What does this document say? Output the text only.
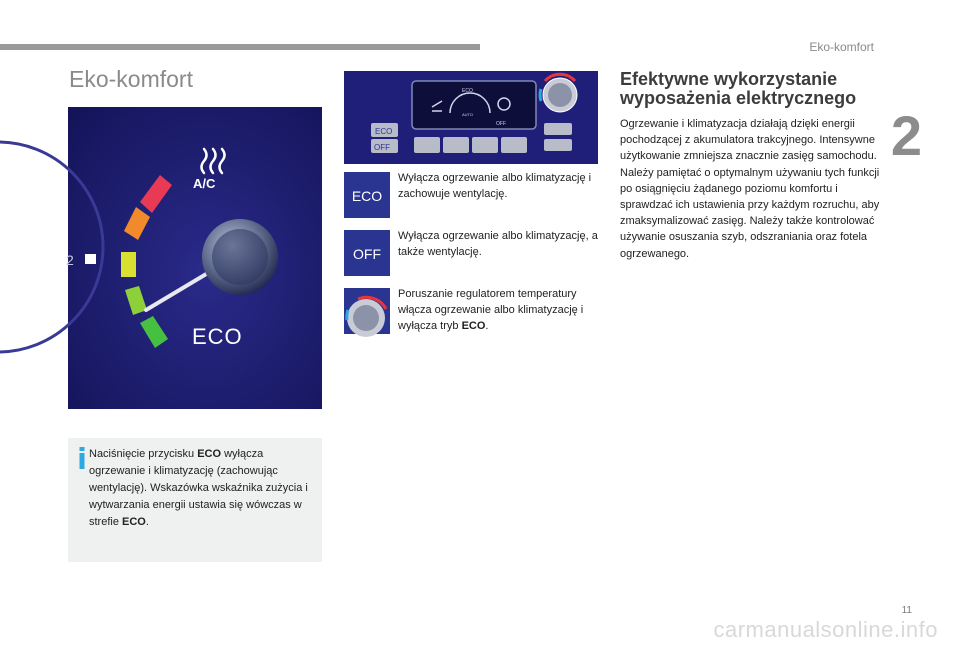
Eko-komfort
2
Eko-komfort
2
A/C
ECO
Naciśnięcie przycisku ECO wyłącza ogrzewanie i klimatyzację (zachowując wentylację). Wskazówka wskaźnika zużycia i wytwarzania energii ustawia się wówczas w strefie ECO.
ECO
AUTO
OFF
ECO
OFF
ECO
Wyłącza ogrzewanie albo klimatyzację i zachowuje wentylację.
OFF
Wyłącza ogrzewanie albo klimatyzację, a także wentylację.
Poruszanie regulatorem temperatury włącza ogrzewanie albo klimatyzację i wyłącza tryb ECO.
Efektywne wykorzystanie wyposażenia elektrycznego
Ogrzewanie i klimatyzacja działają dzięki energii pochodzącej z akumulatora trakcyjnego. Intensywne użytkowanie zmniejsza znacznie zasięg samochodu. Należy pamiętać o optymalnym używaniu tych funkcji po osiągnięciu żądanego poziomu komfortu i sprawdzać ich ustawienia przy każdym rozruchu, aby zmaksymalizować zasięg. Należy także kontrolować używanie osuszania szyb, odszraniania oraz fotela ogrzewanego.
11
carmanualsonline.info
